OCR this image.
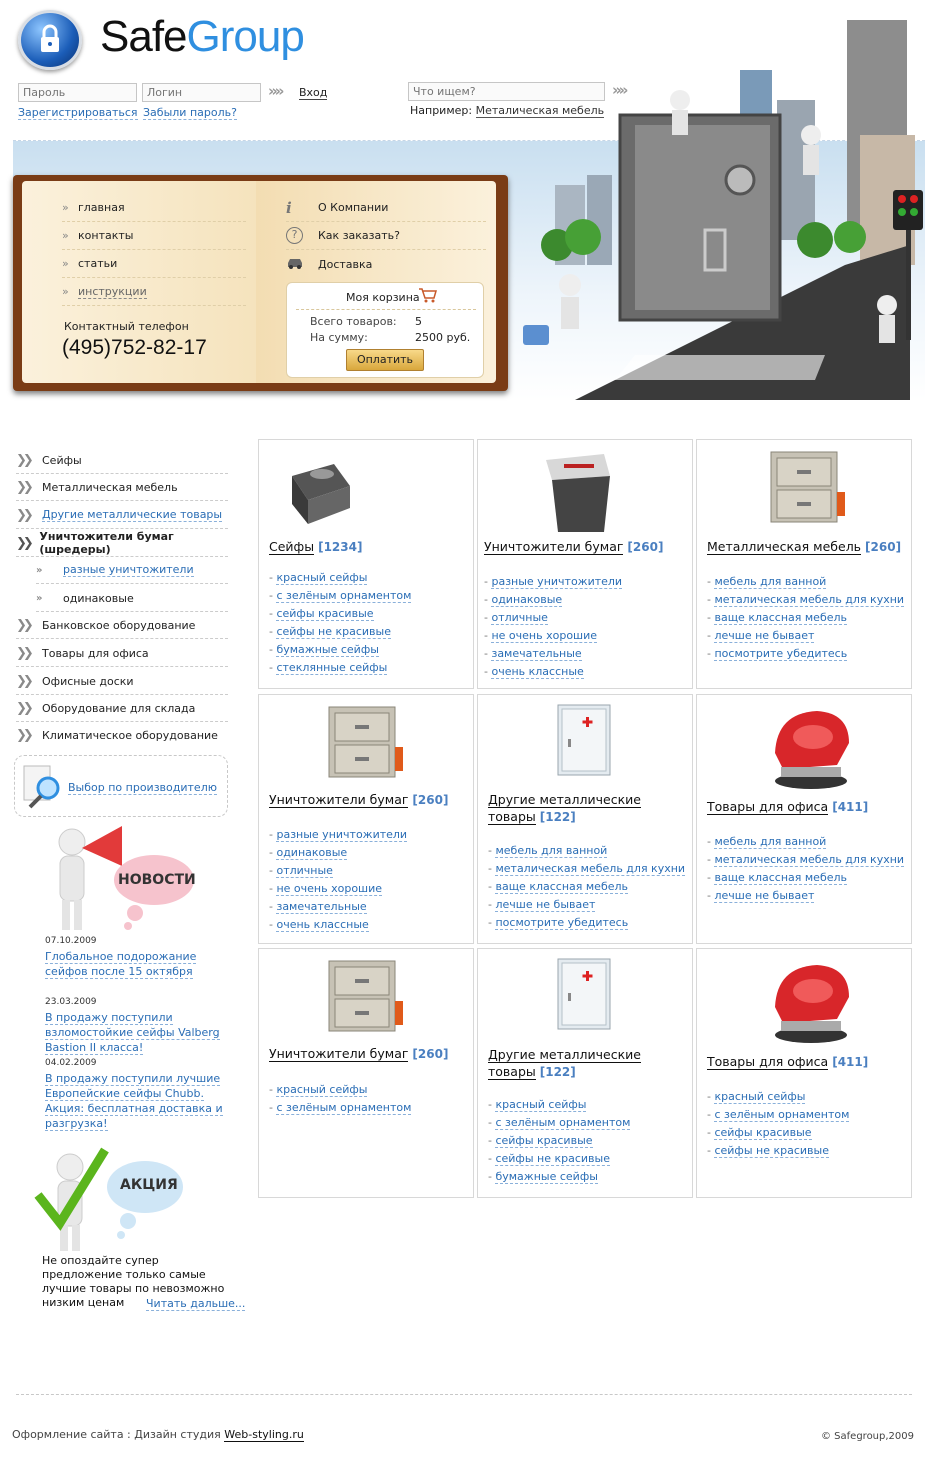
SafeGroup
Пароль
Логин
»» Вход
Зарегистрироваться Забыли пароль?
Что ищем?
»»
Например: Металическая мебель
» главная
» контакты
» статьи
» инструкции
Контактный телефон
(495)752-82-17
i	О Компании
?	Как заказать?
Доставка
Моя корзина
Всего товаров: 5
На сумму:	2500 руб.
Оплатить
❯❯	Сейфы
❯❯	Металлическая мебель
❯❯	Другие металлические товары
❯❯ Уничтожители бумаг (шредеры)
»	разные уничтожители
»	одинаковые
❯❯	Банковское оборудование
❯❯	Товары для офиса
❯❯	Офисные доски
❯❯	Оборудование для склада
❯❯	Климатическое оборудование
Выбор по производителю
НОВОСТИ
07.10.2009
Глобальное подорожание сейфов после 15 октября
23.03.2009
В продажу поступили взломостойкие сейфы Valberg Bastion II класса!
04.02.2009
В продажу поступили лучшие Европейские сейфы Chubb. Акция: бесплатная доставка и разгрузка!
АКЦИЯ
Не опоздайте супер предложение только самые лучшие товары по невозможно низким ценам	Читать дальше...
Сейфы [1234]
- красный сейфы
- с зелёным орнаментом
- сейфы красивые
- сейфы не красивые
- бумажные сейфы
- стеклянные сейфы
Уничтожители бумаг [260]
- разные уничтожители
- одинаковые
- отличные
- не очень хорошие
- замечательные
- очень классные
Металлическая мебель [260]
- мебель для ванной
- металическая мебель для кухни
- ваще классная мебель
- лечше не бывает
- посмотрите убедитесь
Уничтожители бумаг [260]
- разные уничтожители
- одинаковые
- отличные
- не очень хорошие
- замечательные
- очень классные
Другие металлические товары [122]
- мебель для ванной
- металическая мебель для кухни
- ваще классная мебель
- лечше не бывает
- посмотрите убедитесь
Товары для офиса [411]
- мебель для ванной
- металическая мебель для кухни
- ваще классная мебель
- лечше не бывает
Уничтожители бумаг [260]
- красный сейфы
- с зелёным орнаментом
Другие металлические товары [122]
- красный сейфы
- с зелёным орнаментом
- сейфы красивые
- сейфы не красивые
- бумажные сейфы
Товары для офиса [411]
- красный сейфы
- с зелёным орнаментом
- сейфы красивые
- сейфы не красивые
Оформление сайта : Дизайн студия Web-styling.ru	© Safegroup,2009
